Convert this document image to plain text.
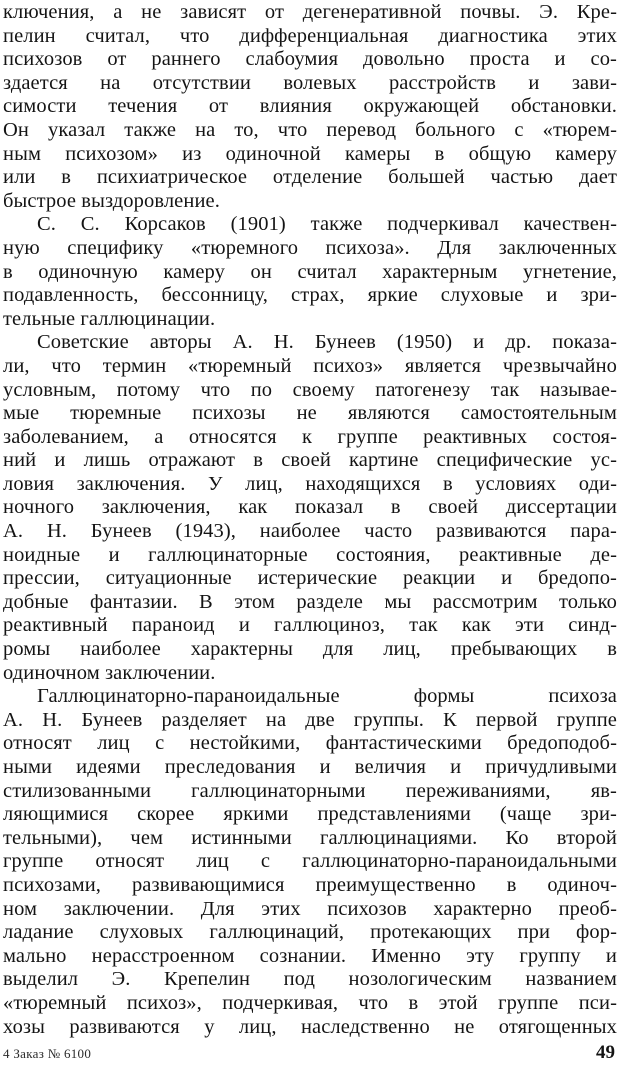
ключения, а не зависят от дегенеративной почвы. Э. Кре-
пелин считал, что дифференциальная диагностика этих
психозов от раннего слабоумия довольно проста и со-
здается на отсутствии волевых расстройств и зави-
симости течения от влияния окружающей обстановки.
Он указал также на то, что перевод больного с «тюрем-
ным психозом» из одиночной камеры в общую камеру
или в психиатрическое отделение большей частью дает
быстрое выздоровление.
С. С. Корсаков (1901) также подчеркивал качествен-
ную специфику «тюремного психоза». Для заключенных
в одиночную камеру он считал характерным угнетение,
подавленность, бессонницу, страх, яркие слуховые и зри-
тельные галлюцинации.
Советские авторы А. Н. Бунеев (1950) и др. показа-
ли, что термин «тюремный психоз» является чрезвычайно
условным, потому что по своему патогенезу так называе-
мые тюремные психозы не являются самостоятельным
заболеванием, а относятся к группе реактивных состоя-
ний и лишь отражают в своей картине специфические ус-
ловия заключения. У лиц, находящихся в условиях оди-
ночного заключения, как показал в своей диссертации
А. Н. Бунеев (1943), наиболее часто развиваются пара-
ноидные и галлюцинаторные состояния, реактивные де-
прессии, ситуационные истерические реакции и бредопо-
добные фантазии. В этом разделе мы рассмотрим только
реактивный параноид и галлюциноз, так как эти синд-
ромы наиболее характерны для лиц, пребывающих в
одиночном заключении.
Галлюцинаторно-параноидальные формы психоза
А. Н. Бунеев разделяет на две группы. К первой группе
относят лиц с нестойкими, фантастическими бредоподоб-
ными идеями преследования и величия и причудливыми
стилизованными галлюцинаторными переживаниями, яв-
ляющимися скорее яркими представлениями (чаще зри-
тельными), чем истинными галлюцинациями. Ко второй
группе относят лиц с галлюцинаторно-параноидальными
психозами, развивающимися преимущественно в одиноч-
ном заключении. Для этих психозов характерно преоб-
ладание слуховых галлюцинаций, протекающих при фор-
мально нерасстроенном сознании. Именно эту группу и
выделил Э. Крепелин под нозологическим названием
«тюремный психоз», подчеркивая, что в этой группе пси-
хозы развиваются у лиц, наследственно не отягощенных
4 Заказ № 6100	49
